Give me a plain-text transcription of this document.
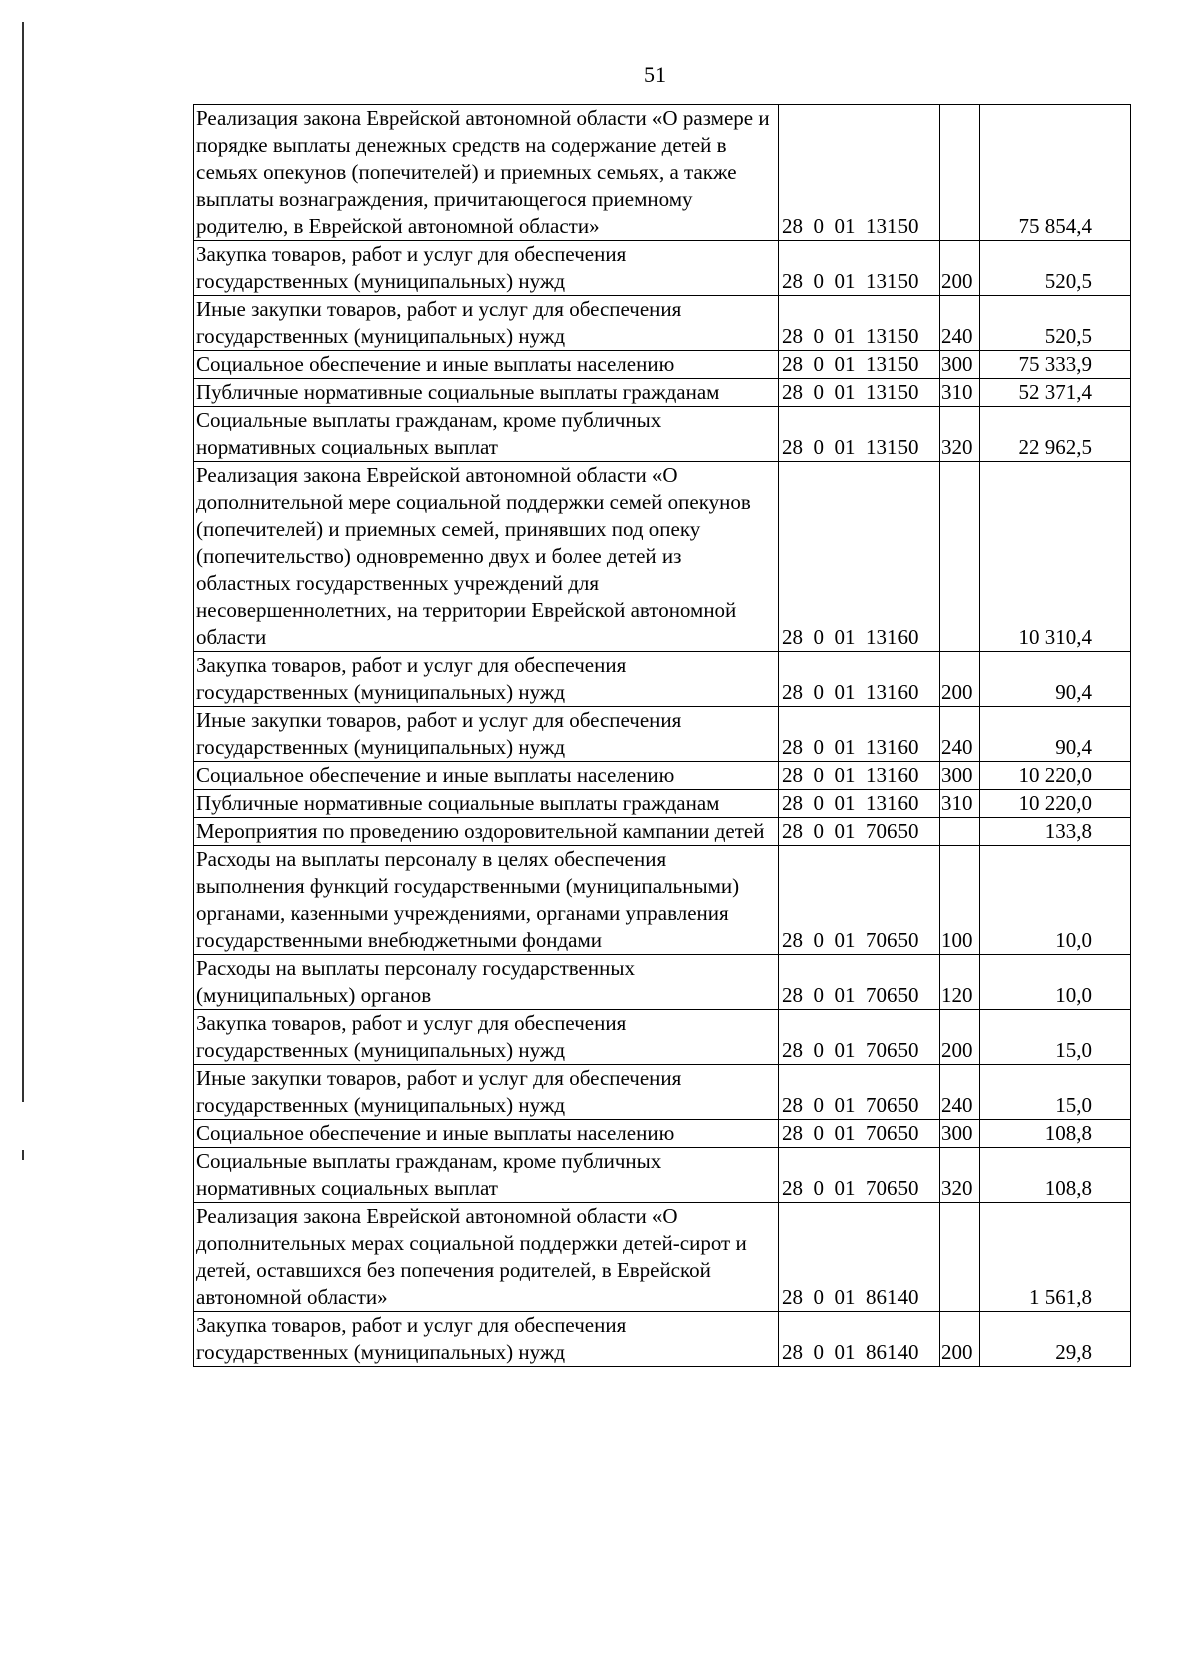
51
Реализация закона Еврейской автономной области «О размере и порядке выплаты денежных средств на содержание детей в семьях опекунов (попечителей) и приемных семьях, а также выплаты вознаграждения, причитающегося приемному родителю, в Еврейской автономной области»	28  0  01  13150		75 854,4
Закупка товаров, работ и услуг для обеспечения государственных (муниципальных) нужд	28  0  01  13150	200	520,5
Иные закупки товаров, работ и услуг для обеспечения государственных (муниципальных) нужд	28  0  01  13150	240	520,5
Социальное обеспечение и иные выплаты населению	28  0  01  13150	300	75 333,9
Публичные нормативные социальные выплаты гражданам	28  0  01  13150	310	52 371,4
Социальные выплаты гражданам, кроме публичных нормативных социальных выплат	28  0  01  13150	320	22 962,5
Реализация закона Еврейской автономной области «О дополнительной мере социальной поддержки семей опекунов (попечителей) и приемных семей, принявших под опеку (попечительство) одновременно двух и более детей из областных государственных учреждений для несовершеннолетних, на территории Еврейской автономной области	28  0  01  13160		10 310,4
Закупка товаров, работ и услуг для обеспечения государственных (муниципальных) нужд	28  0  01  13160	200	90,4
Иные закупки товаров, работ и услуг для обеспечения государственных (муниципальных) нужд	28  0  01  13160	240	90,4
Социальное обеспечение и иные выплаты населению	28  0  01  13160	300	10 220,0
Публичные нормативные социальные выплаты гражданам	28  0  01  13160	310	10 220,0
Мероприятия по проведению оздоровительной кампании детей	28  0  01  70650		133,8
Расходы на выплаты персоналу в целях обеспечения выполнения функций государственными (муниципальными) органами, казенными учреждениями, органами управления государственными внебюджетными фондами	28  0  01  70650	100	10,0
Расходы на выплаты персоналу государственных (муниципальных) органов	28  0  01  70650	120	10,0
Закупка товаров, работ и услуг для обеспечения государственных (муниципальных) нужд	28  0  01  70650	200	15,0
Иные закупки товаров, работ и услуг для обеспечения государственных (муниципальных) нужд	28  0  01  70650	240	15,0
Социальное обеспечение и иные выплаты населению	28  0  01  70650	300	108,8
Социальные выплаты гражданам, кроме публичных нормативных социальных выплат	28  0  01  70650	320	108,8
Реализация закона Еврейской автономной области «О дополнительных мерах социальной поддержки детей-сирот и детей, оставшихся без попечения родителей, в Еврейской автономной области»	28  0  01  86140		1 561,8
Закупка товаров, работ и услуг для обеспечения государственных (муниципальных) нужд	28  0  01  86140	200	29,8
